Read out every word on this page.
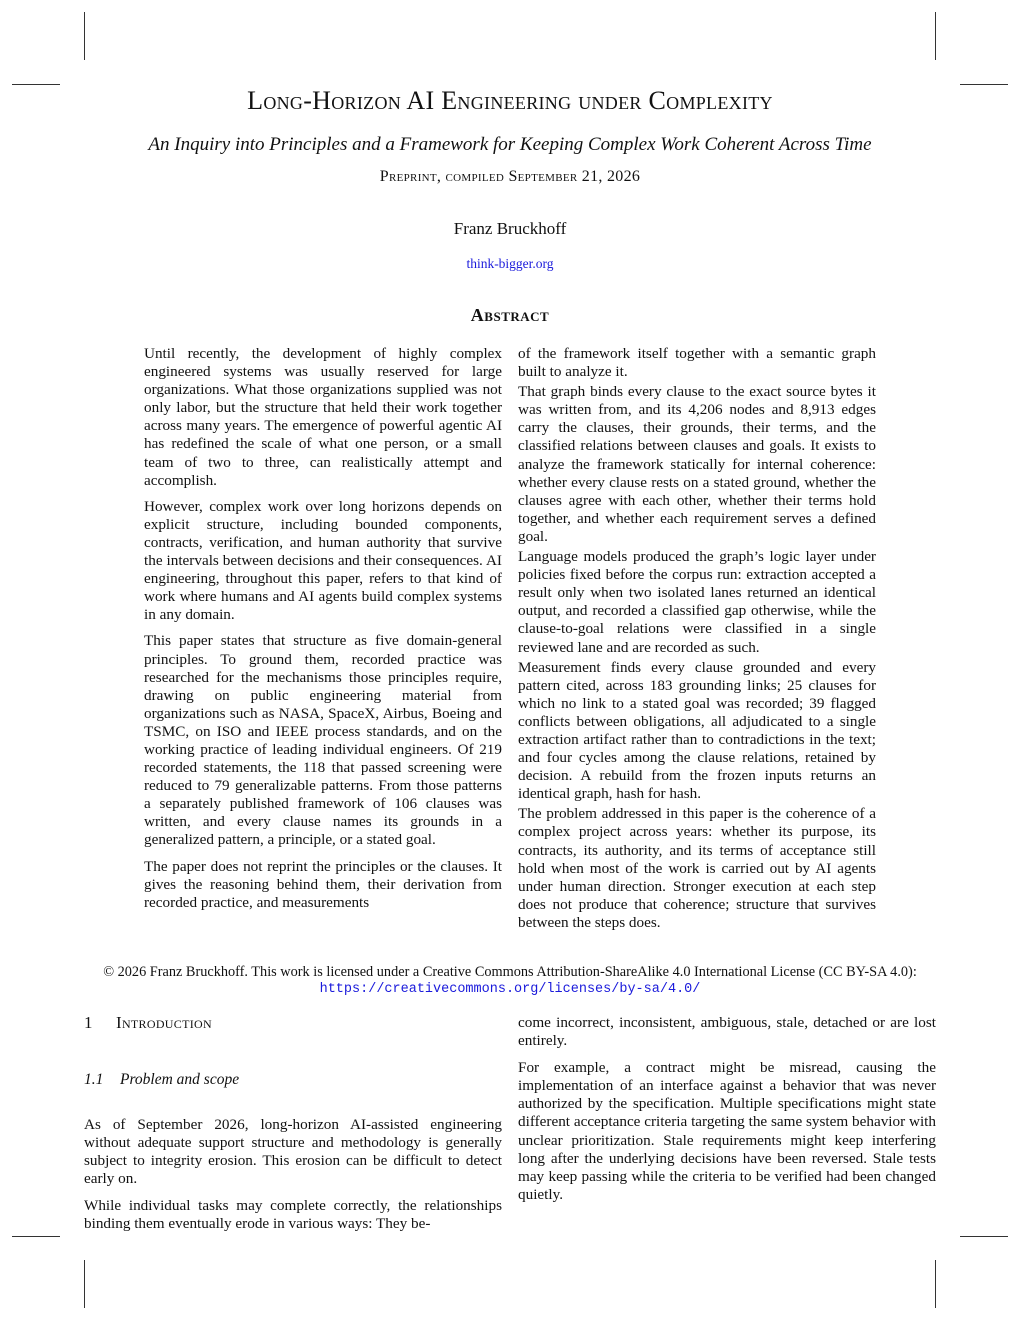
Long-Horizon AI Engineering under Complexity
An Inquiry into Principles and a Framework for Keeping Complex Work Coherent Across Time
Preprint, compiled September 21, 2026
Franz Bruckhoff
think-bigger.org
Abstract

Until recently, the development of highly complex engineered systems was usually reserved for large organizations. What those organizations supplied was not only labor, but the structure that held their work together across many years. The emergence of powerful agentic AI has redefined the scale of what one person, or a small team of two to three, can realistically attempt and accomplish.

However, complex work over long horizons depends on explicit structure, including bounded components, contracts, verification, and human authority that survive the intervals between decisions and their consequences. AI engineering, throughout this paper, refers to that kind of work where humans and AI agents build complex systems in any domain.

This paper states that structure as five domain-general principles. To ground them, recorded practice was researched for the mechanisms those principles require, drawing on public engineering material from organizations such as NASA, SpaceX, Airbus, Boeing and TSMC, on ISO and IEEE process standards, and on the working practice of leading individual engineers. Of 219 recorded statements, the 118 that passed screening were reduced to 79 generalizable patterns. From those patterns a separately published framework of 106 clauses was written, and every clause names its grounds in a generalized pattern, a principle, or a stated goal.

The paper does not reprint the principles or the clauses. It gives the reasoning behind them, their derivation from recorded practice, and measurements

of the framework itself together with a semantic graph built to analyze it.

That graph binds every clause to the exact source bytes it was written from, and its 4,206 nodes and 8,913 edges carry the clauses, their grounds, their terms, and the classified relations between clauses and goals. It exists to analyze the framework statically for internal coherence: whether every clause rests on a stated ground, whether the clauses agree with each other, whether their terms hold together, and whether each requirement serves a defined goal.

Language models produced the graph’s logic layer under policies fixed before the corpus run: extraction accepted a result only when two isolated lanes returned an identical output, and recorded a classified gap otherwise, while the clause-to-goal relations were classified in a single reviewed lane and are recorded as such.

Measurement finds every clause grounded and every pattern cited, across 183 grounding links; 25 clauses for which no link to a stated goal was recorded; 39 flagged conflicts between obligations, all adjudicated to a single extraction artifact rather than to contradictions in the text; and four cycles among the clause relations, retained by decision. A rebuild from the frozen inputs returns an identical graph, hash for hash.

The problem addressed in this paper is the coherence of a complex project across years: whether its purpose, its contracts, its authority, and its terms of acceptance still hold when most of the work is carried out by AI agents under human direction. Stronger execution at each step does not produce that coherence; structure that survives between the steps does.

© 2026 Franz Bruckhoff. This work is licensed under a Creative Commons Attribution-ShareAlike 4.0 International License (CC BY-SA 4.0):
https://creativecommons.org/licenses/by-sa/4.0/
1 Introduction
1.1 Problem and scope

As of September 2026, long-horizon AI-assisted engineering without adequate support structure and methodology is generally subject to integrity erosion. This erosion can be difficult to detect early on.

While individual tasks may complete correctly, the relationships binding them eventually erode in various ways: They be-

come incorrect, inconsistent, ambiguous, stale, detached or are lost entirely.

For example, a contract might be misread, causing the implementation of an interface against a behavior that was never authorized by the specification. Multiple specifications might state different acceptance criteria targeting the same system behavior with unclear prioritization. Stale requirements might keep interfering long after the underlying decisions have been reversed. Stale tests may keep passing while the criteria to be verified had been changed quietly.
